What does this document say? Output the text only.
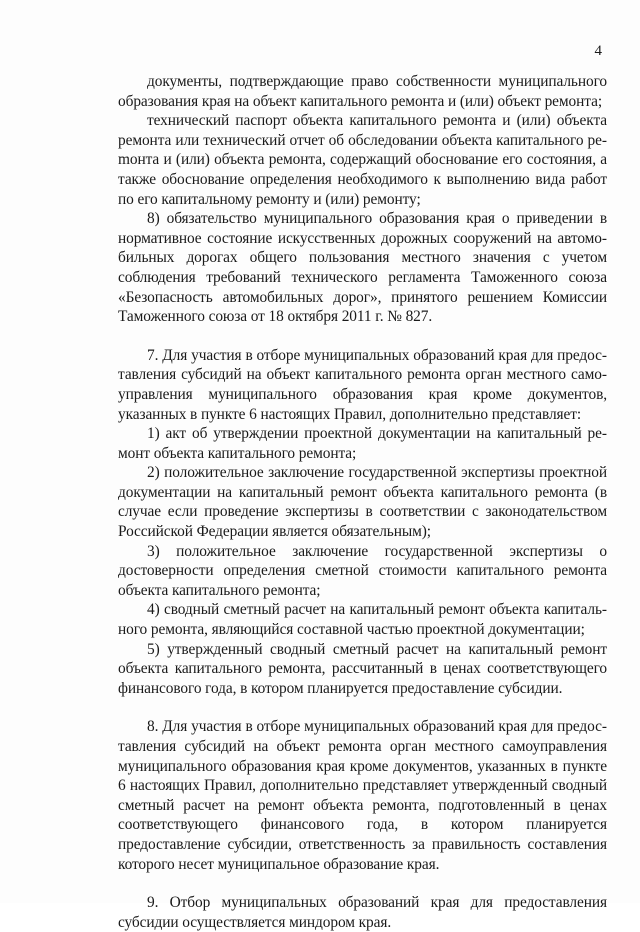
4

документы, подтверждающие право собственности муниципального образования края на объект капитального ремонта и (или) объект ремонта;

технический паспорт объекта капитального ремонта и (или) объекта ремонта или технический отчет об обследовании объекта капитального реmонта и (или) объекта ремонта, содержащий обоснование его состояния, а также обоснование определения необходимого к выполнению вида работ по его капитальному ремонту и (или) ремонту;

8) обязательство муниципального образования края о приведении в нормативное состояние искусственных дорожных сооружений на автомобильных дорогах общего пользования местного значения с учетом соблюдения требований технического регламента Таможенного союза «Безопасность автомобильных дорог», принятого решением Комиссии Таможенного союза от 18 октября 2011 г. № 827.

7. Для участия в отборе муниципальных образований края для предоставления субсидий на объект капитального ремонта орган местного самоуправления муниципального образования края кроме документов, указанных в пункте 6 настоящих Правил, дополнительно представляет:

1) акт об утверждении проектной документации на капитальный ремонт объекта капитального ремонта;

2) положительное заключение государственной экспертизы проектной документации на капитальный ремонт объекта капитального ремонта (в случае если проведение экспертизы в соответствии с законодательством Российской Федерации является обязательным);

3) положительное заключение государственной экспертизы о достоверности определения сметной стоимости капитального ремонта объекта капитального ремонта;

4) сводный сметный расчет на капитальный ремонт объекта капитального ремонта, являющийся составной частью проектной документации;

5) утвержденный сводный сметный расчет на капитальный ремонт объекта капитального ремонта, рассчитанный в ценах соответствующего финансового года, в котором планируется предоставление субсидии.

8. Для участия в отборе муниципальных образований края для предоставления субсидий на объект ремонта орган местного самоуправления муниципального образования края кроме документов, указанных в пункте 6 настоящих Правил, дополнительно представляет утвержденный сводный сметный расчет на ремонт объекта ремонта, подготовленный в ценах соответствующего финансового года, в котором планируется предоставление субсидии, ответственность за правильность составления которого несет муниципальное образование края.

9. Отбор муниципальных образований края для предоставления субсидии осуществляется миндором края.
